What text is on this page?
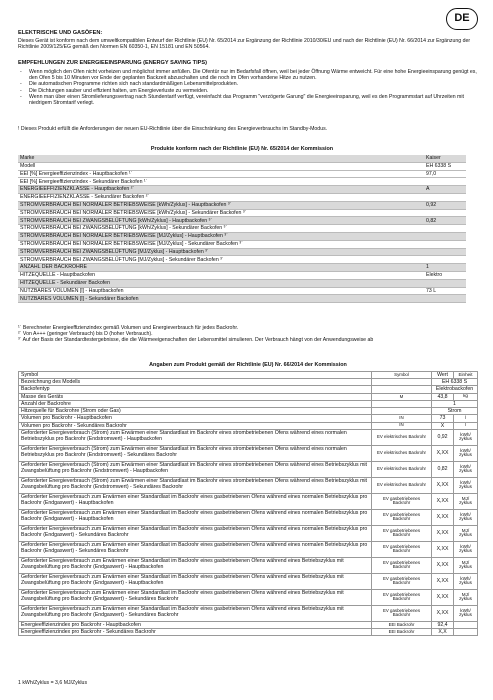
DE
ELEKTRISCHE UND GASÖFEN:
Dieses Gerät ist konform nach dem umweltkompatiblen Entwurf der Richtlinie (EU) Nr. 65/2014 zur Ergänzung der Richtlinie 2010/30/EU und nach der Richtlinie (EU) Nr. 66/2014 zur Ergänzung der Richtlinie 2009/125/EG gemäß den Normen EN 60350-1, EN 15181 und EN 50564.
EMPFEHLUNGEN ZUR ENERGIEEINSPARUNG (ENERGY SAVING TIPS)
- Wenn möglich den Ofen nicht vorheizen und möglichst immer anfüllen. Die Ofentür nur im Bedarfsfall öffnen, weil bei jeder Öffnung Wärme entweicht. Für eine hohe Energieeinsparung genügt es, den Ofen 5 bis 10 Minuten vor Ende der geplanten Backzeit abzuschalten und die noch im Ofen vorhandene Hitze zu nutzen.
- Die automatischen Programme richten sich nach standardmäßigen Lebensmittelprodukten.
- Die Dichtungen sauber und effizient halten, um Energieverluste zu vermeiden.
- Wenn man über einen Stromlieferungsvertrag nach Stundentarif verfügt, vereinfacht das Programm "verzögerte Garung" die Energieeinsparung, weil es den Programmstart auf Uhrzeiten mit niedrigem Stromtarif verlegt.
! Dieses Produkt erfüllt die Anforderungen der neuen EU-Richtlinie über die Einschränkung des Energieverbrauchs im Standby-Modus.
Produkte konform nach der Richtlinie (EU) Nr. 65/2014 der Kommission
Marke	Kaiser
Modell	EH 6338 S
EEI [%] Energieeffizienzindex - Hauptbackofen ¹ˈ	97,0
EEI [%] Energieeffizienzindex - Sekundärer Backofen ¹ˈ	
ENERGIEEFFIZIENZKLASSE - Hauptbackofen ²ˈ	A
ENERGIEEFFIZIENZKLASSE - Sekundärer Backofen ²ˈ	
STROMVERBRAUCH BEI NORMALER BETRIEBSWEISE [kWh/Zyklus] - Hauptbackofen ³ˈ	0,92
STROMVERBRAUCH BEI NORMALER BETRIEBSWEISE [kWh/Zyklus] - Sekundärer Backofen ³ˈ	
STROMVERBRAUCH BEI ZWANGSBELÜFTUNG [kWh/Zyklus] - Hauptbackofen ³ˈ	0,82
STROMVERBRAUCH BEI ZWANGSBELÜFTUNG [kWh/Zyklus] - Sekundärer Backofen ³ˈ	
STROMVERBRAUCH BEI NORMALER BETRIEBSWEISE [MJ/Zyklus] - Hauptbackofen ³ˈ	
STROMVERBRAUCH BEI NORMALER BETRIEBSWEISE [MJ/Zyklus] - Sekundärer Backofen ³ˈ	
STROMVERBRAUCH BEI ZWANGSBELÜFTUNG [MJ/Zyklus] - Hauptbackofen ³ˈ	
STROMVERBRAUCH BEI ZWANGSBELÜFTUNG [MJ/Zyklus] - Sekundärer Backofen ³ˈ	
ANZAHL DER BACKROHRE	1
HITZEQUELLE - Hauptbackofen	Elektro
HITZEQUELLE - Sekundärer Backofen	
NUTZBARES VOLUMEN [l] - Hauptbackofen	73 L
NUTZBARES VOLUMEN [l] - Sekundärer Backofen	
¹ˈ Berechneter Energieeffizienzindex gemäß Volumen und Energieverbrauch für jedes Backrohr.
²ˈ Von A+++ (geringer Verbrauch) bis D (hoher Verbrauch).
³ˈ Auf der Basis der Standardtestergebnisse, die die Wärmeeigenschaften der Lebensmittel simulieren. Der Verbrauch hängt von der Anwendungsweise ab
Angaben zum Produkt gemäß der Richtlinie (EU) Nr. 66/2014 der Kommission
Symbol	Symbol	Wert	Einheit
Bezeichnung des Modells		EH 6338 S	
Backofentyp		Elektrobackofen	
Masse des Geräts	M	43,8	kg
Anzahl der Backrohre		1	
Hitzequelle für Backrohre (Strom oder Gas)		Strom	
Volumen pro Backrohr - Hauptbackofen	IN	73	l
Volumen pro Backrohr - Sekundäres Backrohr	IN	X	l
Geforderter Energieverbrauch (Strom) zum Erwärmen einer Standardlast im Backrohr eines strombetriebenen Ofens während eines normalen Betriebszyklus pro Backrohr (Endstromwert) - Hauptbackofen	EV elektrisches Backrohr	0,92	kWh/ zyklus
Geforderter Energieverbrauch (Strom) zum Erwärmen einer Standardlast im Backrohr eines strombetriebenen Ofens während eines normalen Betriebszyklus pro Backrohr (Endstromwert) - Sekundäres Backrohr	EV elektrisches Backrohr	X,XX	kWh/ zyklus
Geforderter Energieverbrauch (Strom) zum Erwärmen einer Standardlast im Backrohr eines strombetriebenen Ofens während eines Betriebszyklus mit Zwangsbelüftung pro Backrohr (Endstromwert) - Hauptbackofen	EV elektrisches Backrohr	0,82	kWh/ zyklus
Geforderter Energieverbrauch (Strom) zum Erwärmen einer Standardlast im Backrohr eines strombetriebenen Ofens während eines Betriebszyklus mit Zwangsbelüftung pro Backrohr (Endstromwert) - Sekundäres Backrohr	EV elektrisches Backrohr	X,XX	kWh/ zyklus
Geforderter Energieverbrauch zum Erwärmen einer Standardlast im Backrohr eines gasbetriebenen Ofens während eines normalen Betriebszyklus pro Backrohr (Endgaswert) - Hauptbackofen	EV gasbetriebenes Backrohr	X,XX	MJ/ zyklus
Geforderter Energieverbrauch zum Erwärmen einer Standardlast im Backrohr eines gasbetriebenen Ofens während eines normalen Betriebszyklus pro Backrohr (Endgaswert) - Hauptbackofen	EV gasbetriebenes Backrohr	X,XX	kWh/ zyklus
Geforderter Energieverbrauch zum Erwärmen einer Standardlast im Backrohr eines gasbetriebenen Ofens während eines normalen Betriebszyklus pro Backrohr (Endgaswert) - Sekundäres Backrohr	EV gasbetriebenes Backrohr	X,XX	MJ/ zyklus
Geforderter Energieverbrauch zum Erwärmen einer Standardlast im Backrohr eines gasbetriebenen Ofens während eines normalen Betriebszyklus pro Backrohr (Endgaswert) - Sekundäres Backrohr	EV gasbetriebenes Backrohr	X,XX	kWh/ zyklus
Geforderter Energieverbrauch zum Erwärmen einer Standardlast im Backrohr eines gasbetriebenen Ofens während eines Betriebszyklus mit Zwangsbelüftung pro Backrohr (Endgaswert) - Hauptbackofen	EV gasbetriebenes Backrohr	X,XX	MJ/ zyklus
Geforderter Energieverbrauch zum Erwärmen einer Standardlast im Backrohr eines gasbetriebenen Ofens während eines Betriebszyklus mit Zwangsbelüftung pro Backrohr (Endgaswert) - Hauptbackofen	EV gasbetriebenes Backrohr	X,XX	kWh/ zyklus
Geforderter Energieverbrauch zum Erwärmen einer Standardlast im Backrohr eines gasbetriebenen Ofens während eines Betriebszyklus mit Zwangsbelüftung pro Backrohr (Endgaswert) - Sekundäres Backrohr	EV gasbetriebenes Backrohr	X,XX	MJ/ zyklus
Geforderter Energieverbrauch zum Erwärmen einer Standardlast im Backrohr eines gasbetriebenen Ofens während eines Betriebszyklus mit Zwangsbelüftung pro Backrohr (Endgaswert) - Sekundäres Backrohr	EV gasbetriebenes Backrohr	X,XX	kWh/ zyklus
Energieeffizienzindex pro Backrohr - Hauptbackofen	EEI Backrohr	92,4	
Energieeffizienzindex pro Backrohr - Sekundäres Backrohr	EEI Backrohr	X,X	
1 kWh/Zyklus = 3,6 MJ/Zyklus
